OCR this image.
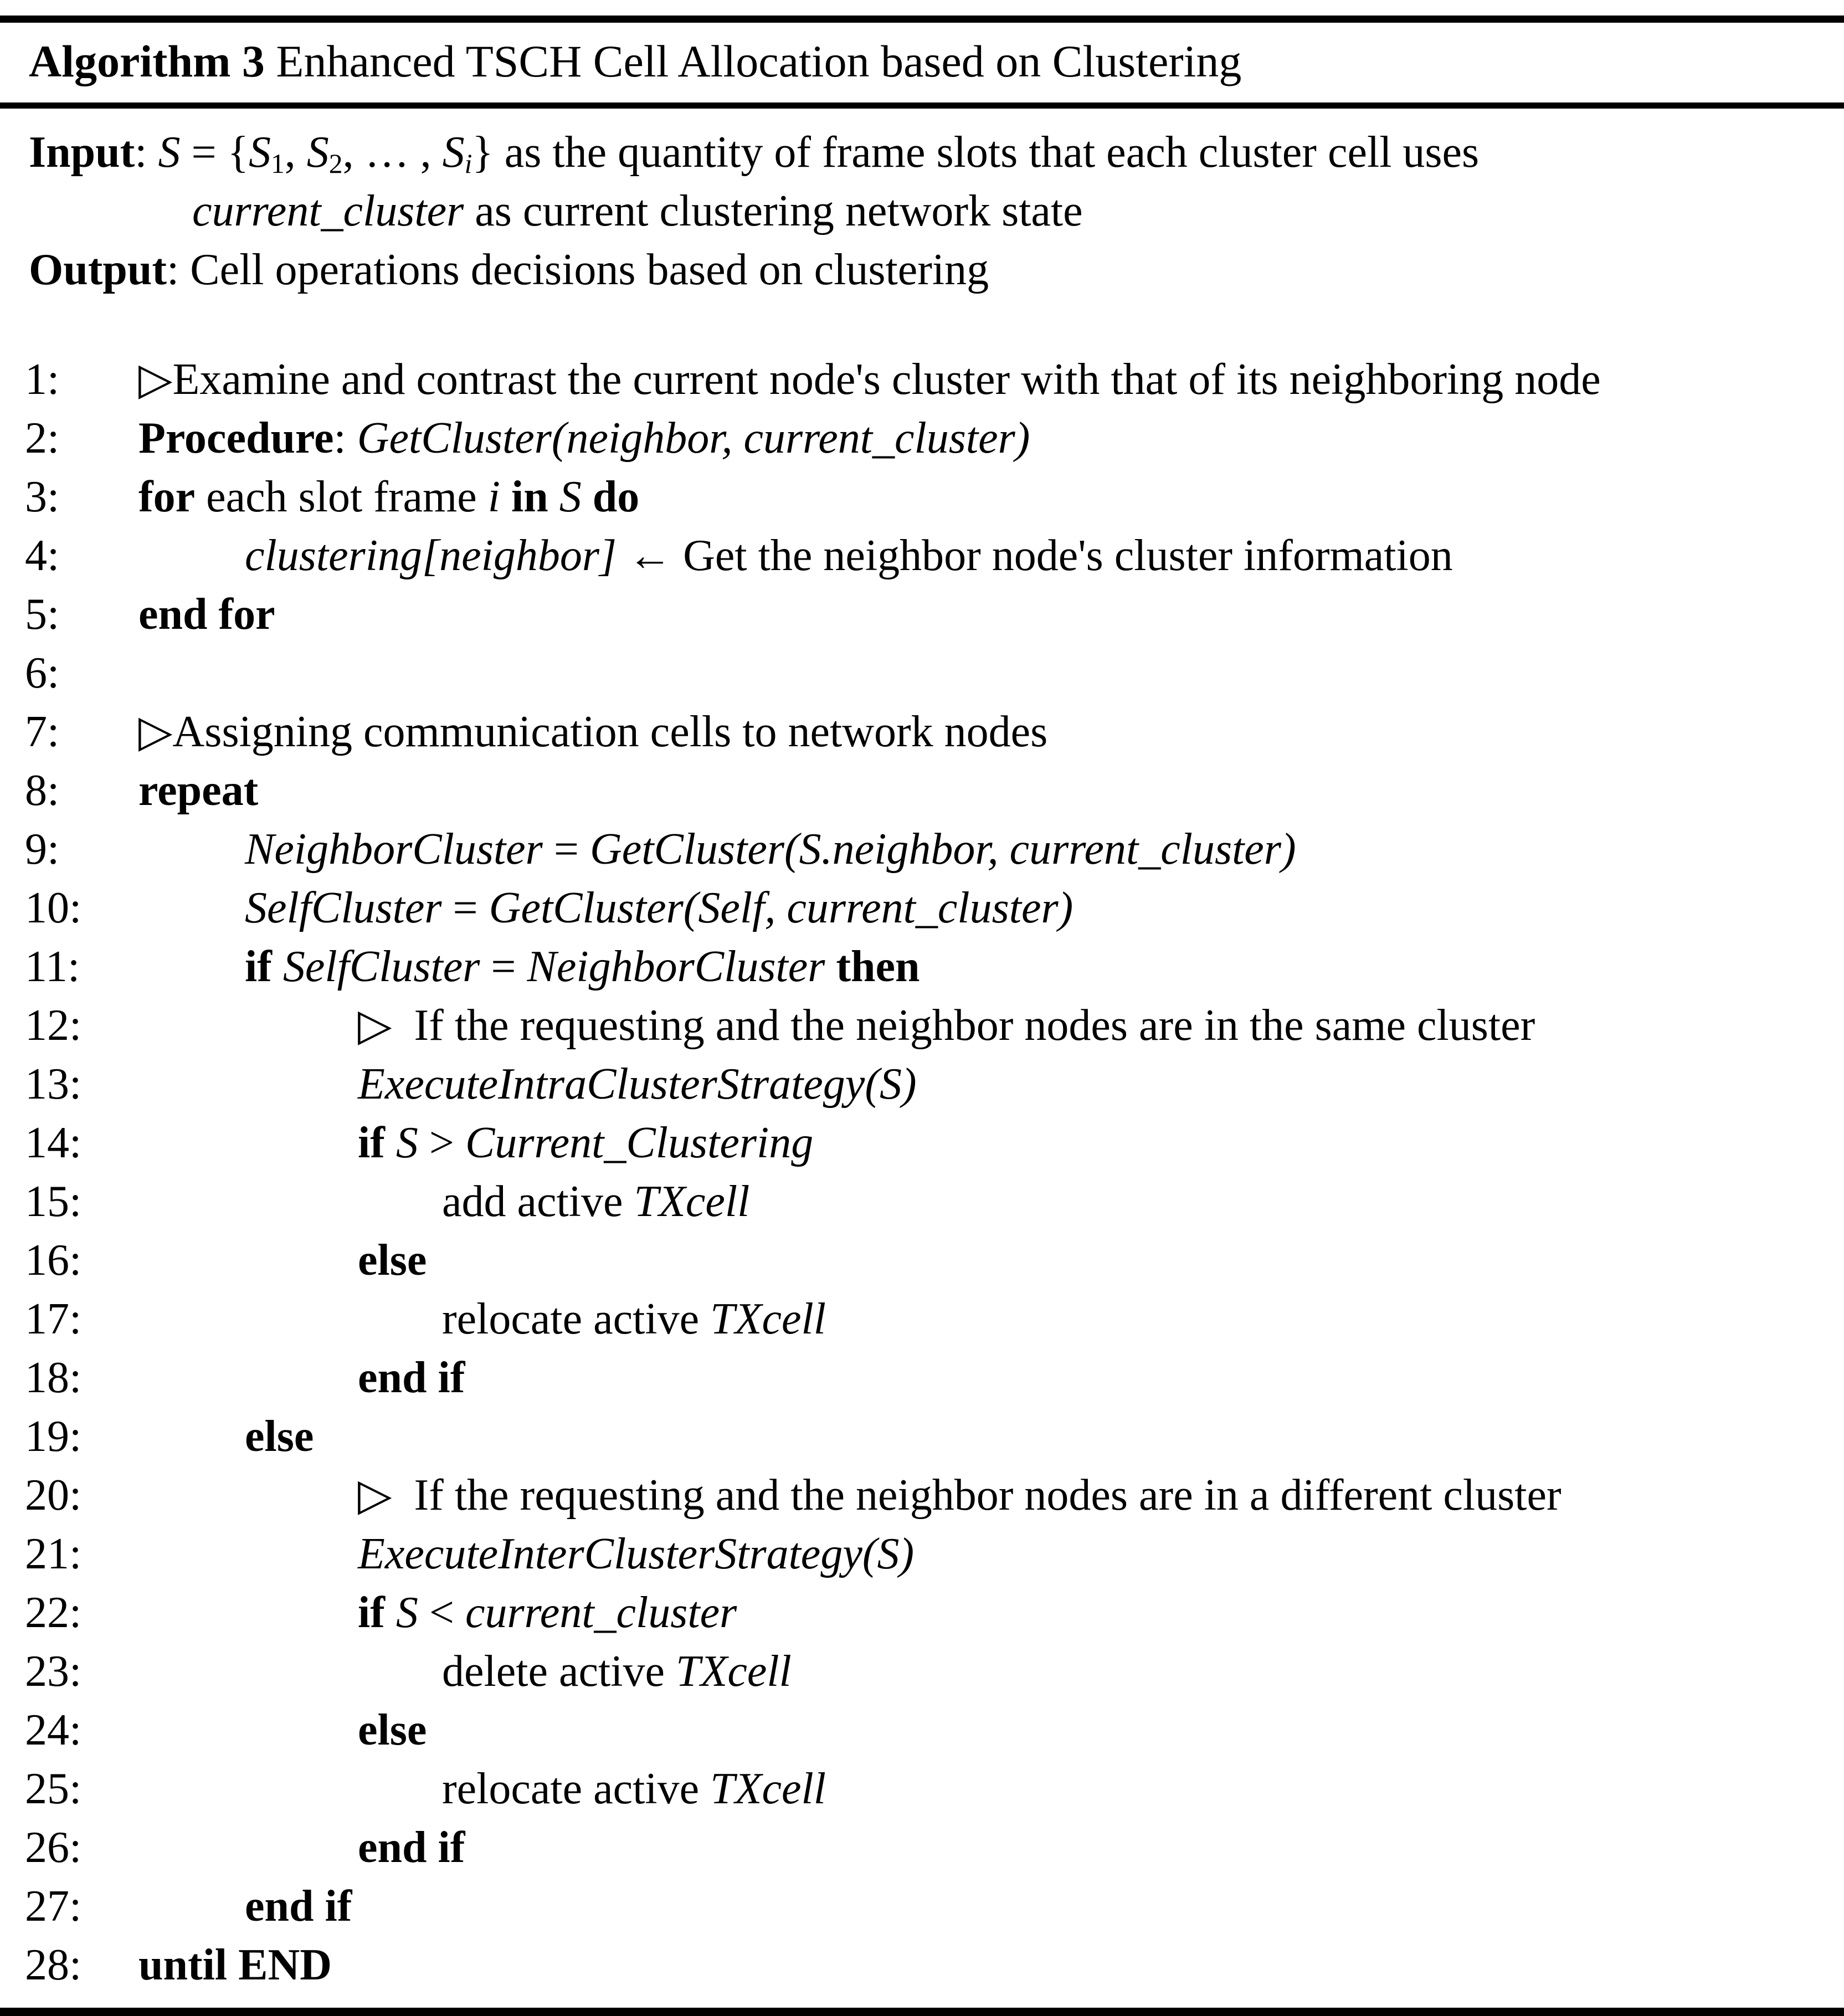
Algorithm 3 Enhanced TSCH Cell Allocation based on Clustering
Input: $S = \{S_1$, $S_2$, … , $S_i$} as the quantity of frame slots that each cluster cell uses
current_cluster as current clustering network state
Output: Cell operations decisions based on clustering
1:	▷Examine and contrast the current node's cluster with that of its neighboring node
2:	Procedure: GetCluster(neighbor, current_cluster)
3:	for each slot frame i in S do
4:	clustering[neighbor] ← Get the neighbor node's cluster information
5:	end for
6:
7:	▷Assigning communication cells to network nodes
8:	repeat
9:	NeighborCluster = GetCluster(S.neighbor, current_cluster)
10:	SelfCluster = GetCluster(Self, current_cluster)
11:	if SelfCluster = NeighborCluster then
12:	▷  If the requesting and the neighbor nodes are in the same cluster
13:	ExecuteIntraClusterStrategy(S)
14:	if S > Current_Clustering
15:	add active TXcell
16:	else
17:	relocate active TXcell
18:	end if
19:	else
20:	▷  If the requesting and the neighbor nodes are in a different cluster
21:	ExecuteInterClusterStrategy(S)
22:	if S < current_cluster
23:	delete active TXcell
24:	else
25:	relocate active TXcell
26:	end if
27:	end if
28:	until END
